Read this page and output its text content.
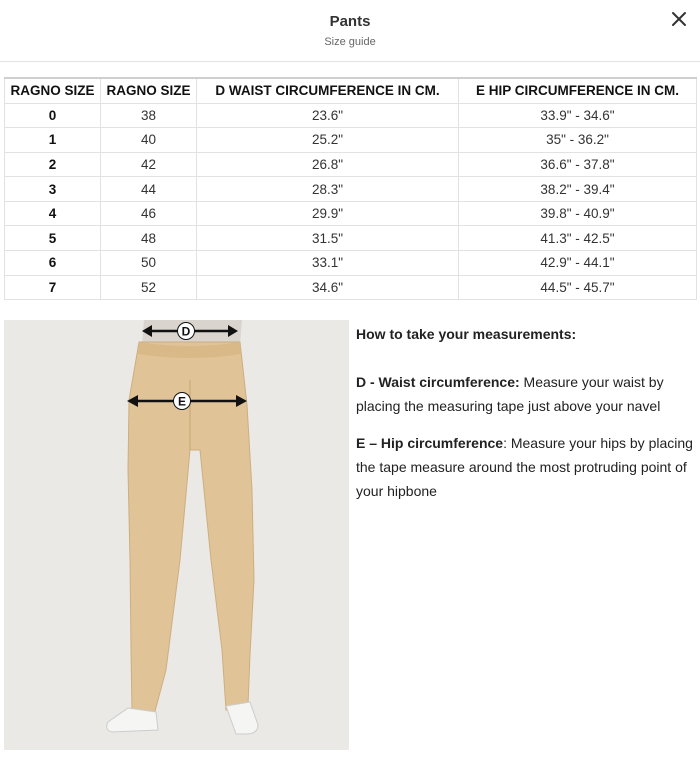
Pants
Size guide
RAGNO SIZE	RAGNO SIZE	D WAIST CIRCUMFERENCE IN CM.	E HIP CIRCUMFERENCE IN CM.
0	38	23.6"	33.9" - 34.6"
1	40	25.2"	35" - 36.2"
2	42	26.8"	36.6" - 37.8"
3	44	28.3"	38.2" - 39.4"
4	46	29.9"	39.8" - 40.9"
5	48	31.5"	41.3" - 42.5"
6	50	33.1"	42.9" - 44.1"
7	52	34.6"	44.5" - 45.7"
D
E
How to take your measurements:

D - Waist circumference: Measure your waist by placing the measuring tape just above your navel

E – Hip circumference: Measure your hips by placing the tape measure around the most protruding point of your hipbone
